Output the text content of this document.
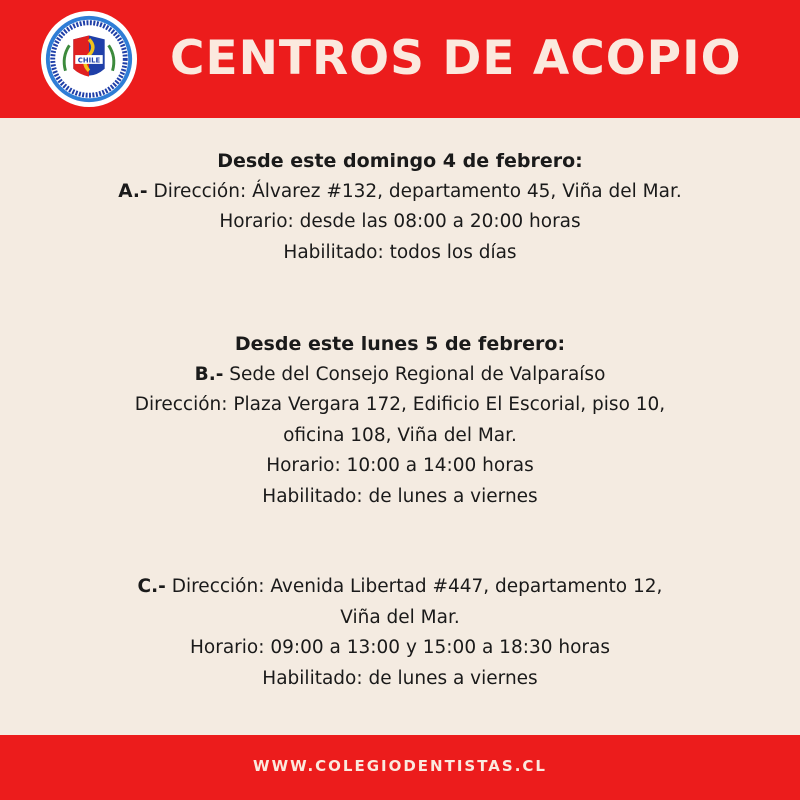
CHILE CENTROS DE ACOPIO

Desde este domingo 4 de febrero:

A.- Dirección: Álvarez #132, departamento 45, Viña del Mar.

Horario: desde las 08:00 a 20:00 horas

Habilitado: todos los días

Desde este lunes 5 de febrero:

B.- Sede del Consejo Regional de Valparaíso

Dirección: Plaza Vergara 172, Edificio El Escorial, piso 10,

oficina 108, Viña del Mar.

Horario: 10:00 a 14:00 horas

Habilitado: de lunes a viernes

C.- Dirección: Avenida Libertad #447, departamento 12,

Viña del Mar.

Horario: 09:00 a 13:00 y 15:00 a 18:30 horas

Habilitado: de lunes a viernes

WWW.COLEGIODENTISTAS.CL
